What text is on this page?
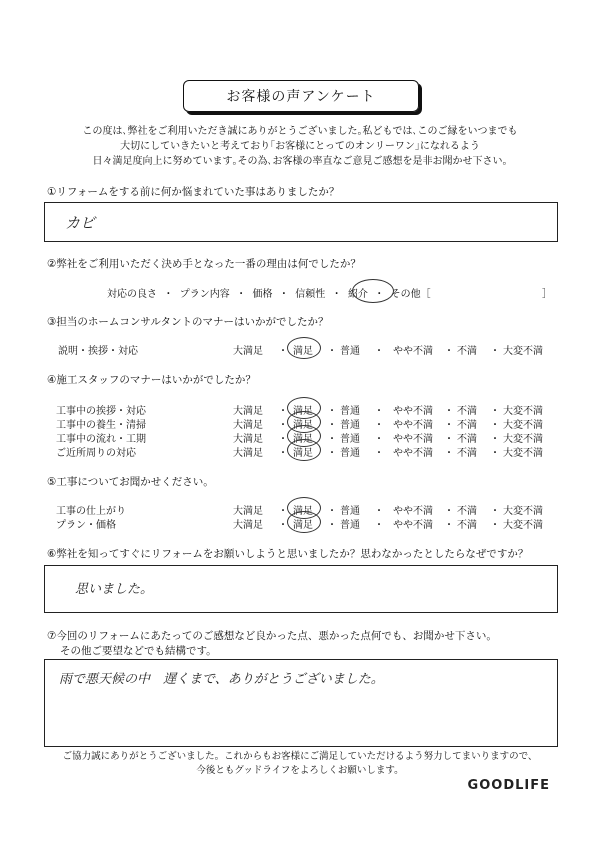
お客様の声アンケート
この度は､弊社をご利用いただき誠にありがとうございました｡私どもでは､このご縁をいつまでも
大切にしていきたいと考えており｢お客様にとってのオンリーワン｣になれるよう
日々満足度向上に努めています｡その為､お客様の率直なご意見ご感想を是非お聞かせ下さい｡
①リフォームをする前に何か悩まれていた事はありましたか？
カビ
②弊社をご利用いただく決め手となった一番の理由は何でしたか？
対応の良さ  ・  プラン内容  ・  価格  ・  信頼性  ・  紹介  ・  その他［	］
③担当のホームコンサルタントのマナーはいかがでしたか？
説明・挨拶・対応
④施工スタッフのマナーはいかがでしたか？
工事中の挨拶・対応
工事中の養生・清掃
工事中の流れ・工期
ご近所周りの対応
⑤工事についてお聞かせください。
工事の仕上がり
プラン・価格
大満足 ・ 満足 ・ 普通 ・ やや不満 ・ 不満 ・ 大変不満
大満足 ・ 満足 ・ 普通 ・ やや不満 ・ 不満 ・ 大変不満
大満足 ・ 満足 ・ 普通 ・ やや不満 ・ 不満 ・ 大変不満
大満足 ・ 満足 ・ 普通 ・ やや不満 ・ 不満 ・ 大変不満
大満足 ・ 満足 ・ 普通 ・ やや不満 ・ 不満 ・ 大変不満
大満足 ・ 満足 ・ 普通 ・ やや不満 ・ 不満 ・ 大変不満
大満足 ・ 満足 ・ 普通 ・ やや不満 ・ 不満 ・ 大変不満
⑥弊社を知ってすぐにリフォームをお願いしようと思いましたか？思わなかったとしたらなぜですか？
思いました。
⑦今回のリフォームにあたってのご感想など良かった点、悪かった点何でも、お聞かせ下さい。
その他ご要望などでも結構です。
雨で悪天候の中　遅くまで、ありがとうございました。
ご協力誠にありがとうございました。これからもお客様にご満足していただけるよう努力してまいりますので、
今後ともグッドライフをよろしくお願いします。
GOODLIFE
